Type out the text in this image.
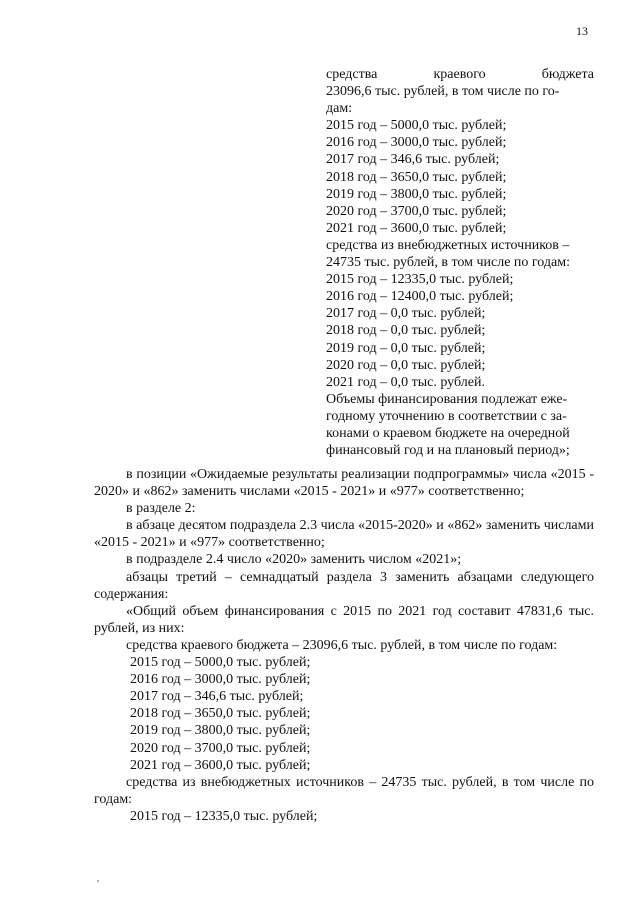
13
средства краевого бюджета
23096,6 тыс. рублей, в том числе по го-
дам:
2015 год – 5000,0 тыс. рублей;
2016 год – 3000,0 тыс. рублей;
2017 год – 346,6 тыс. рублей;
2018 год – 3650,0 тыс. рублей;
2019 год – 3800,0 тыс. рублей;
2020 год – 3700,0 тыс. рублей;
2021 год – 3600,0 тыс. рублей;
средства из внебюджетных источников –
24735 тыс. рублей, в том числе по годам:
2015 год – 12335,0 тыс. рублей;
2016 год – 12400,0 тыс. рублей;
2017 год – 0,0 тыс. рублей;
2018 год – 0,0 тыс. рублей;
2019 год – 0,0 тыс. рублей;
2020 год – 0,0 тыс. рублей;
2021 год – 0,0 тыс. рублей.
Объемы финансирования подлежат еже-
годному уточнению в соответствии с за-
конами о краевом бюджете на очередной
финансовый год и на плановый период»;

в позиции «Ожидаемые результаты реализации подпрограммы» числа «2015 - 2020» и «862» заменить числами «2015 - 2021» и «977» соответственно;

в разделе 2:

в абзаце десятом подраздела 2.3 числа «2015-2020» и «862» заменить числами «2015 - 2021» и «977» соответственно;

в подразделе 2.4 число «2020» заменить числом «2021»;

абзацы третий – семнадцатый раздела 3 заменить абзацами следующего содержания:

«Общий объем финансирования с 2015 по 2021 год составит 47831,6 тыс. рублей, из них:

средства краевого бюджета – 23096,6 тыс. рублей, в том числе по годам:

2015 год – 5000,0 тыс. рублей;
2016 год – 3000,0 тыс. рублей;
2017 год – 346,6 тыс. рублей;
2018 год – 3650,0 тыс. рублей;
2019 год – 3800,0 тыс. рублей;
2020 год – 3700,0 тыс. рублей;
2021 год – 3600,0 тыс. рублей;

средства из внебюджетных источников – 24735 тыс. рублей, в том числе по годам:

2015 год – 12335,0 тыс. рублей;
